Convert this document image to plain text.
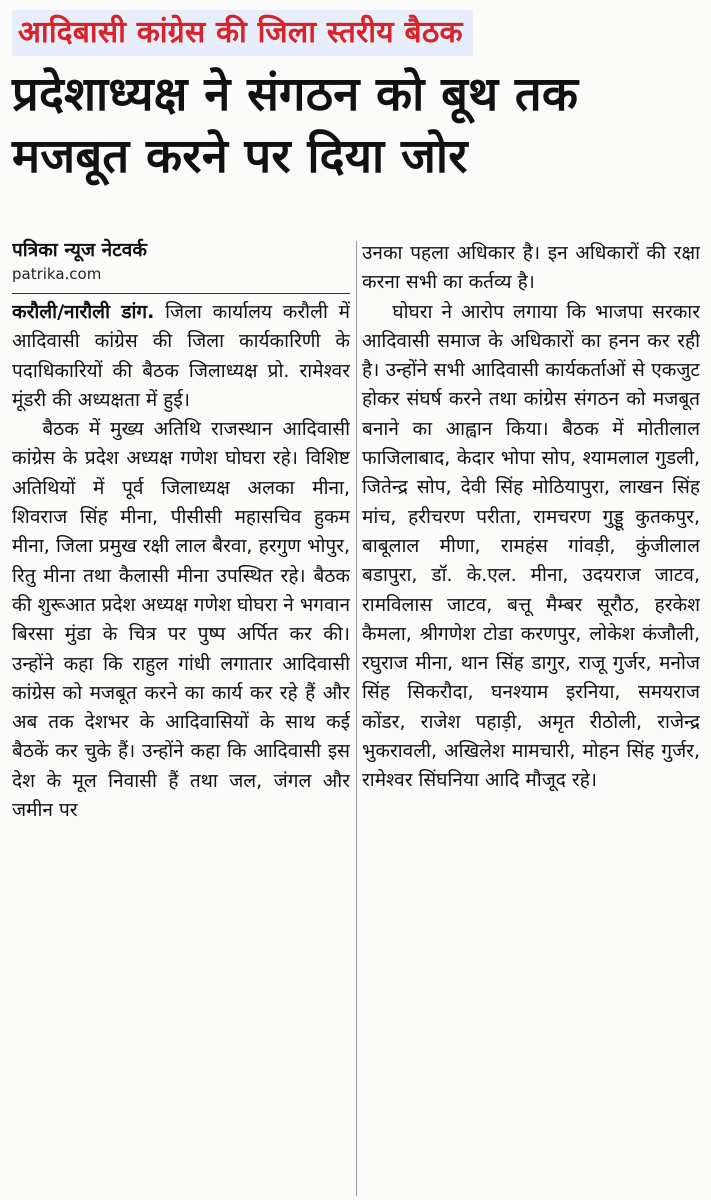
आदिबासी कांग्रेस की जिला स्तरीय बैठक
प्रदेशाध्यक्ष ने संगठन को बूथ तक मजबूत करने पर दिया जोर
पत्रिका न्यूज नेटवर्क
patrika.com

करौली/नारौली डांग. जिला कार्यालय करौली में आदिवासी कांग्रेस की जिला कार्यकारिणी के पदाधिकारियों की बैठक जिलाध्यक्ष प्रो. रामेश्वर मूंडरी की अध्यक्षता में हुई।

बैठक में मुख्य अतिथि राजस्थान आदिवासी कांग्रेस के प्रदेश अध्यक्ष गणेश घोघरा रहे। विशिष्ट अतिथियों में पूर्व जिलाध्यक्ष अलका मीना, शिवराज सिंह मीना, पीसीसी महासचिव हुकम मीना, जिला प्रमुख रक्षी लाल बैरवा, हरगुण भोपुर, रितु मीना तथा कैलासी मीना उपस्थित रहे। बैठक की शुरूआत प्रदेश अध्यक्ष गणेश घोघरा ने भगवान बिरसा मुंडा के चित्र पर पुष्प अर्पित कर की। उन्होंने कहा कि राहुल गांधी लगातार आदिवासी कांग्रेस को मजबूत करने का कार्य कर रहे हैं और अब तक देशभर के आदिवासियों के साथ कई बैठकें कर चुके हैं। उन्होंने कहा कि आदिवासी इस देश के मूल निवासी हैं तथा जल, जंगल और जमीन पर

उनका पहला अधिकार है। इन अधिकारों की रक्षा करना सभी का कर्तव्य है।

घोघरा ने आरोप लगाया कि भाजपा सरकार आदिवासी समाज के अधिकारों का हनन कर रही है। उन्होंने सभी आदिवासी कार्यकर्ताओं से एकजुट होकर संघर्ष करने तथा कांग्रेस संगठन को मजबूत बनाने का आह्वान किया। बैठक में मोतीलाल फाजिलाबाद, केदार भोपा सोप, श्यामलाल गुडली, जितेन्द्र सोप, देवी सिंह मोठियापुरा, लाखन सिंह मांच, हरीचरण परीता, रामचरण गुड्डू कुतकपुर, बाबूलाल मीणा, रामहंस गांवड़ी, कुंजीलाल बडापुरा, डॉ. के.एल. मीना, उदयराज जाटव, रामविलास जाटव, बत्तू मैम्बर सूरौठ, हरकेश कैमला, श्रीगणेश टोडा करणपुर, लोकेश कंजौली, रघुराज मीना, थान सिंह डागुर, राजू गुर्जर, मनोज सिंह सिकरौदा, घनश्याम इरनिया, समयराज कोंडर, राजेश पहाड़ी, अमृत रीठोली, राजेन्द्र भुकरावली, अखिलेश मामचारी, मोहन सिंह गुर्जर, रामेश्वर सिंघनिया आदि मौजूद रहे।
